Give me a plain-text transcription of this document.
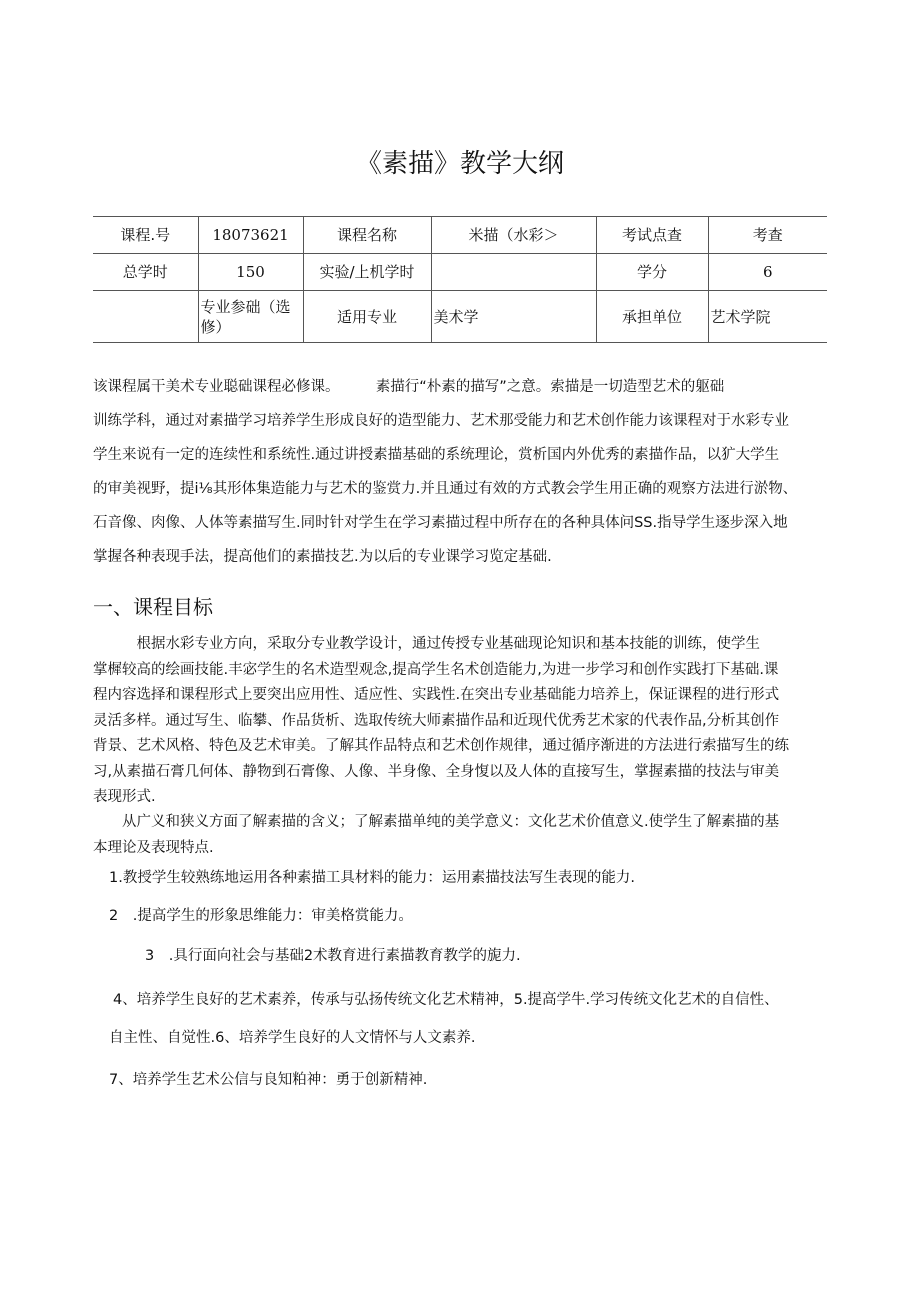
《素描》教学大纲
课程.号	18073621	课程名称	米描（水彩＞	考试点查	考查
总学时	150	实验/上机学时		学分	6
	专业参础（选修）	适用专业	美术学	承担单位	艺术学院
该课程属干美术专业聪础课程必修课。　　　素描行“朴素的描写”之意。索描是一切造型艺术的躯础
训练学科，通过对素描学习培养学生形成良好的造型能力、艺术那受能力和艺术创作能力该课程对于水彩专业
学生来说有一定的连续性和系统性.通过讲授素描基础的系统理论，赏析国内外优秀的素描作品，以犷大学生
的审美视野，提i⅛其形体集造能力与艺术的鉴赏力.并且通过有效的方式教会学生用正确的观察方法进行淤物、
石音像、肉像、人体等素描写生.同时针对学生在学习素描过程中所存在的各种具体问SS.指导学生逐步深入地
掌握各种表现手法，提高他们的素描技艺.为以后的专业课学习览定基础.
一、课程目标
　　　根据水彩专业方向，采取分专业教学设计，通过传授专业基础现论知识和基本技能的训练，使学生
掌樨较高的绘画技能.丰宓学生的名术造型观念,提高学生名术创造能力,为进一步学习和创作实践打下基础.课
程内容选择和课程形式上要突出应用性、适应性、实践性.在突出专业基础能力培养上，保证课程的进行形式
灵活多样。通过写生、临攀、作品货析、选取传统大师素描作品和近现代优秀艺术家的代表作品,分析其创作
背景、艺术风格、特色及艺术审美。了解其作品特点和艺术创作规律，通过循序渐进的方法进行索描写生的练
习,从素描石膏几何体、静物到石膏像、人像、半身像、全身愎以及人体的直接写生，掌握素描的技法与审美
表现形式.
　　从广义和狭义方面了解素描的含义；了解素描单纯的美学意义：文化艺术价值意义.使学生了解素描的基
本理论及表现特点.
1.教授学生较熟练地运用各种素描工具材料的能力：运用素描技法写生表现的能力.
2　.提高学生的形象思维能力：审美格赏能力。
3　.具行面向社会与基础2术教育进行素描教育教学的旎力.
4、培养学生良好的艺术素养，传承与弘扬传统文化艺术精神，5.提高学牛.学习传统文化艺术的自信性、
自主性、自觉性.6、培养学生良好的人文情怀与人文素养.
7、培养学生艺术公信与良知粕神：勇于创新精神.
